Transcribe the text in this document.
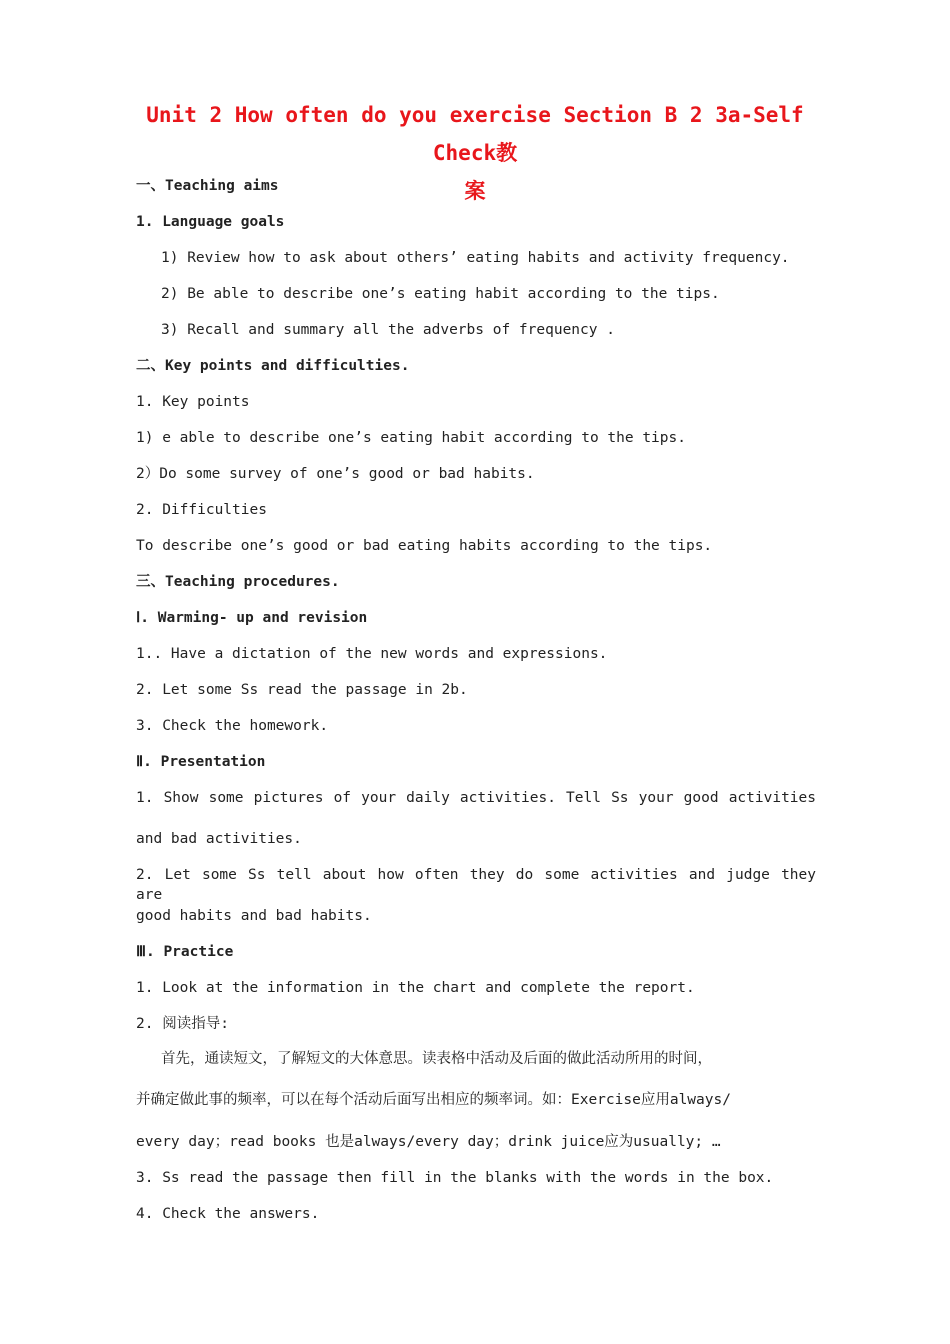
Unit 2 How often do you exercise Section B 2 3a-Self Check教
案
一、Teaching aims
1. Language goals
1) Review how to ask about others’ eating habits and activity frequency.
2) Be able to describe one’s eating habit according to the tips.
3) Recall and summary all the adverbs of frequency .
二、Key points and difficulties.
1. Key points
1) e able to describe one’s eating habit according to the tips.
2）Do some survey of one’s good or bad habits.
2. Difficulties
To describe one’s good or bad eating habits according to the tips.
三、Teaching procedures.
Ⅰ. Warming- up and revision
1.. Have a dictation of the new words and expressions.
2. Let some Ss read the passage in 2b.
3. Check the homework.
Ⅱ. Presentation
1. Show some pictures of your daily activities. Tell Ss your good activities
and bad activities.
2. Let some Ss tell about how often they do some activities and judge they are
good habits and bad habits.
Ⅲ. Practice
1. Look at the information in the chart and complete the report.
2. 阅读指导:
首先，通读短文，了解短文的大体意思。读表格中活动及后面的做此活动所用的时间，
并确定做此事的频率，可以在每个活动后面写出相应的频率词。如：Exercise应用always/
every day；read books 也是always/every day；drink juice应为usually; …
3. Ss read the passage then fill in the blanks with the words in the box.
4. Check the answers.
